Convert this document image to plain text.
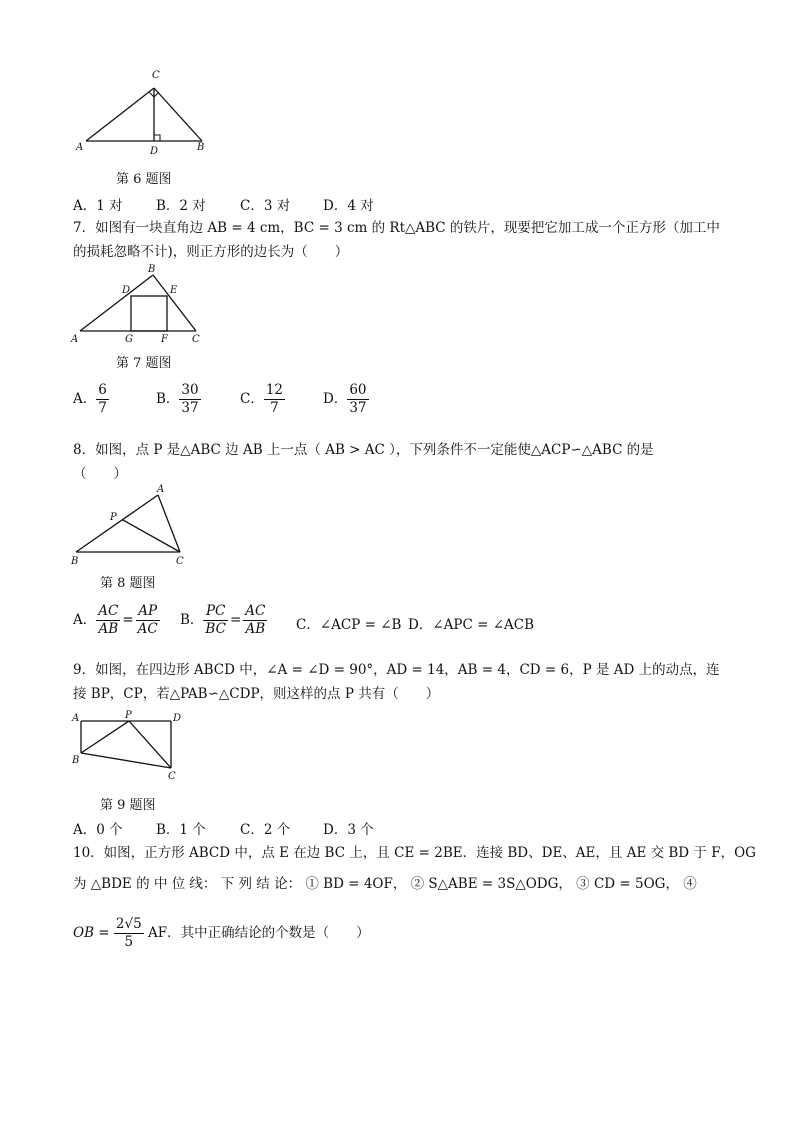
C
A	D	B
第 6 题图
A．1 对 B．2 对	C．3 对 D．4 对
7．如图有一块直角边 AB = 4 cm，BC = 3 cm 的 Rt△ABC 的铁片，现要把它加工成一个正方形（加工中
的损耗忽略不计)，则正方形的边长为（　　）
B
D	E
A	G	F C
第 7 题图
A． $\frac{6}{7}$	B． $\frac{30}{37}$	C． $\frac{12}{7}$	D． $\frac{60}{37}$
8．如图，点 P 是△ABC 边 AB 上一点（ AB > AC ），下列条件不一定能使△ACP∽△ABC 的是
（　　）
A
P
B	C
第 8 题图
A． $\frac{AC}{AB} = \frac{AP}{AC}$ B． $\frac{PC}{BC} = \frac{AC}{AB}$ C．∠ACP = ∠B D．∠APC = ∠ACB
9．如图，在四边形 ABCD 中，∠A = ∠D = 90°，AD = 14，AB = 4，CD = 6，P 是 AD 上的动点，连
接 BP，CP，若△PAB∽△CDP，则这样的点 P 共有（　　）
A	P	D
B
C
第 9 题图
A．0 个 B．1 个	C．2 个 D．3 个
10．如图，正方形 ABCD 中，点 E 在边 BC 上，且 CE = 2BE．连接 BD、DE、AE，且 AE 交 BD 于 F，OG
为 △BDE 的 中 位 线： 下 列 结 论： ① BD = 4OF， ② S△ABE = 3S△ODG， ③ CD = 5OG， ④
OB = $\frac{2√5}{5}$ AF．其中正确结论的个数是（　　）
